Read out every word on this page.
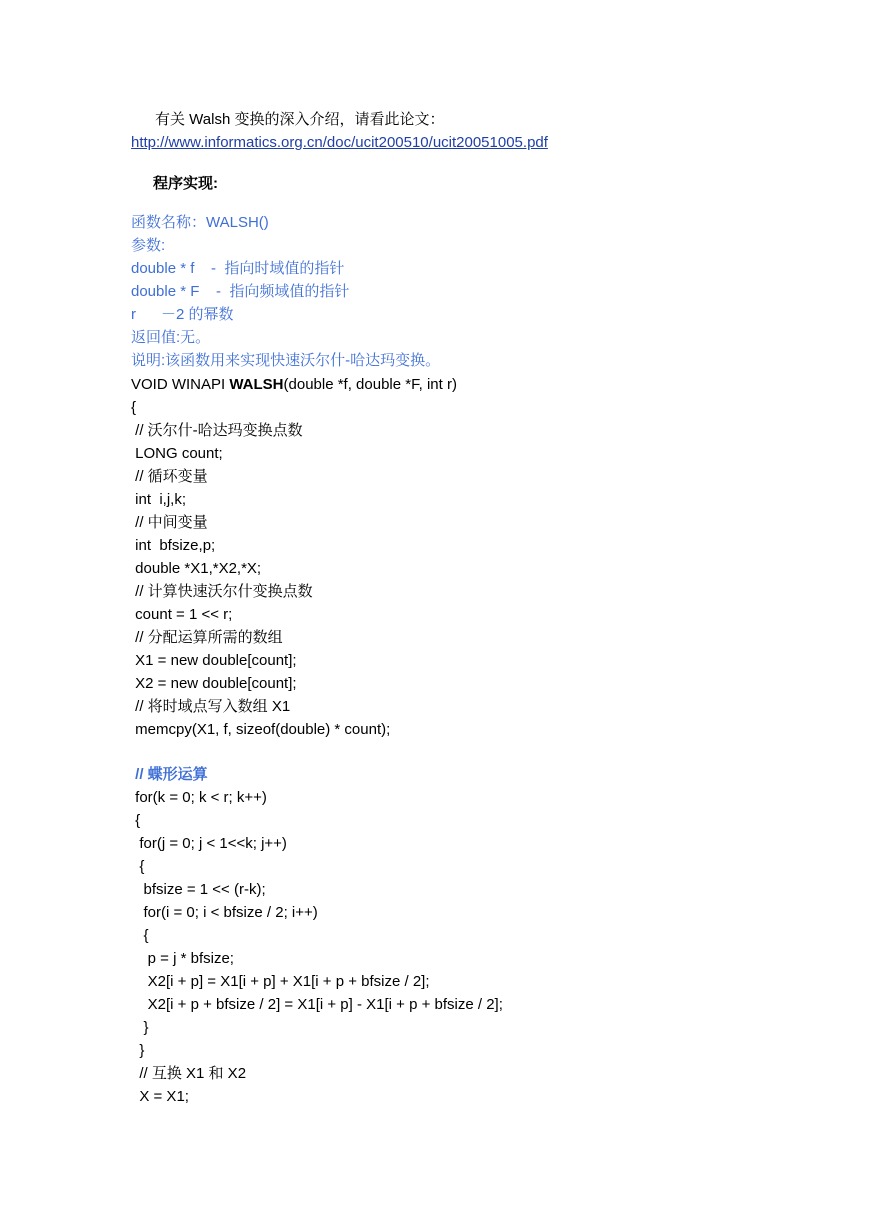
有关 Walsh 变换的深入介绍，请看此论文：
http://www.informatics.org.cn/doc/ucit200510/ucit20051005.pdf
程序实现:
函数名称：WALSH()
参数:
double * f    -  指向时域值的指针
double * F    -  指向频域值的指针
r      －2 的幂数
返回值:无。
说明:该函数用来实现快速沃尔什-哈达玛变换。
VOID WINAPI WALSH(double *f, double *F, int r)
{
// 沃尔什-哈达玛变换点数
LONG count;
// 循环变量
int  i,j,k;
// 中间变量
int  bfsize,p;
double *X1,*X2,*X;
// 计算快速沃尔什变换点数
count = 1 << r;
// 分配运算所需的数组
X1 = new double[count];
X2 = new double[count];
// 将时域点写入数组 X1
memcpy(X1, f, sizeof(double) * count);
// 蝶形运算
for(k = 0; k < r; k++)
{
for(j = 0; j < 1<<k; j++)
{
bfsize = 1 << (r-k);
for(i = 0; i < bfsize / 2; i++)
{
p = j * bfsize;
X2[i + p] = X1[i + p] + X1[i + p + bfsize / 2];
X2[i + p + bfsize / 2] = X1[i + p] - X1[i + p + bfsize / 2];
}
}
// 互换 X1 和 X2
X = X1;
